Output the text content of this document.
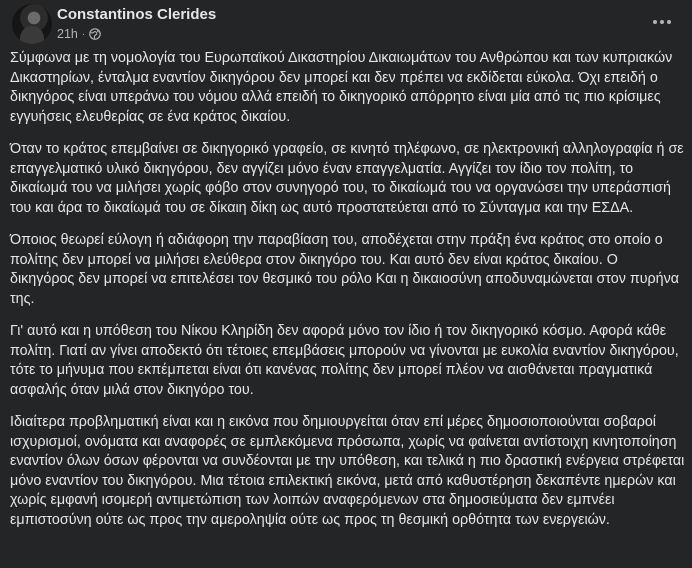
Constantinos Clerides
21h ·

Σύμφωνα με τη νομολογία του Ευρωπαϊκού Δικαστηρίου Δικαιωμάτων του Ανθρώπου και των κυπριακών Δικαστηρίων, ένταλμα εναντίον δικηγόρου δεν μπορεί και δεν πρέπει να εκδίδεται εύκολα. Όχι επειδή ο δικηγόρος είναι υπεράνω του νόμου αλλά επειδή το δικηγορικό απόρρητο είναι μία από τις πιο κρίσιμες εγγυήσεις ελευθερίας σε ένα κράτος δικαίου.

Όταν το κράτος επεμβαίνει σε δικηγορικό γραφείο, σε κινητό τηλέφωνο, σε ηλεκτρονική αλληλογραφία ή σε επαγγελματικό υλικό δικηγόρου, δεν αγγίζει μόνο έναν επαγγελματία. Αγγίζει τον ίδιο τον πολίτη, το δικαίωμά του να μιλήσει χωρίς φόβο στον συνηγορό του, το δικαίωμά του να οργανώσει την υπεράσπισή του και άρα το δικαίωμά του σε δίκαιη δίκη ως αυτό προστατεύεται από το Σύνταγμα και την ΕΣΔΑ.

Όποιος θεωρεί εύλογη ή αδιάφορη την παραβίαση του, αποδέχεται στην πράξη ένα κράτος στο οποίο ο πολίτης δεν μπορεί να μιλήσει ελεύθερα στον δικηγόρο του. Και αυτό δεν είναι κράτος δικαίου. Ο δικηγόρος δεν μπορεί να επιτελέσει τον θεσμικό του ρόλο Και η δικαιοσύνη αποδυναμώνεται στον πυρήνα της.

Γι' αυτό και η υπόθεση του Νίκου Κληρίδη δεν αφορά μόνο τον ίδιο ή τον δικηγορικό κόσμο. Αφορά κάθε πολίτη. Γιατί αν γίνει αποδεκτό ότι τέτοιες επεμβάσεις μπορούν να γίνονται με ευκολία εναντίον δικηγόρου, τότε το μήνυμα που εκπέμπεται είναι ότι κανένας πολίτης δεν μπορεί πλέον να αισθάνεται πραγματικά ασφαλής όταν μιλά στον δικηγόρο του.

Ιδιαίτερα προβληματική είναι και η εικόνα που δημιουργείται όταν επί μέρες δημοσιοποιούνται σοβαροί ισχυρισμοί, ονόματα και αναφορές σε εμπλεκόμενα πρόσωπα, χωρίς να φαίνεται αντίστοιχη κινητοποίηση εναντίον όλων όσων φέρονται να συνδέονται με την υπόθεση, και τελικά η πιο δραστική ενέργεια στρέφεται μόνο εναντίον του δικηγόρου. Μια τέτοια επιλεκτική εικόνα, μετά από καθυστέρηση δεκαπέντε ημερών και χωρίς εμφανή ισομερή αντιμετώπιση των λοιπών αναφερόμενων στα δημοσιεύματα δεν εμπνέει εμπιστοσύνη ούτε ως προς την αμεροληψία ούτε ως προς τη θεσμική ορθότητα των ενεργειών.
